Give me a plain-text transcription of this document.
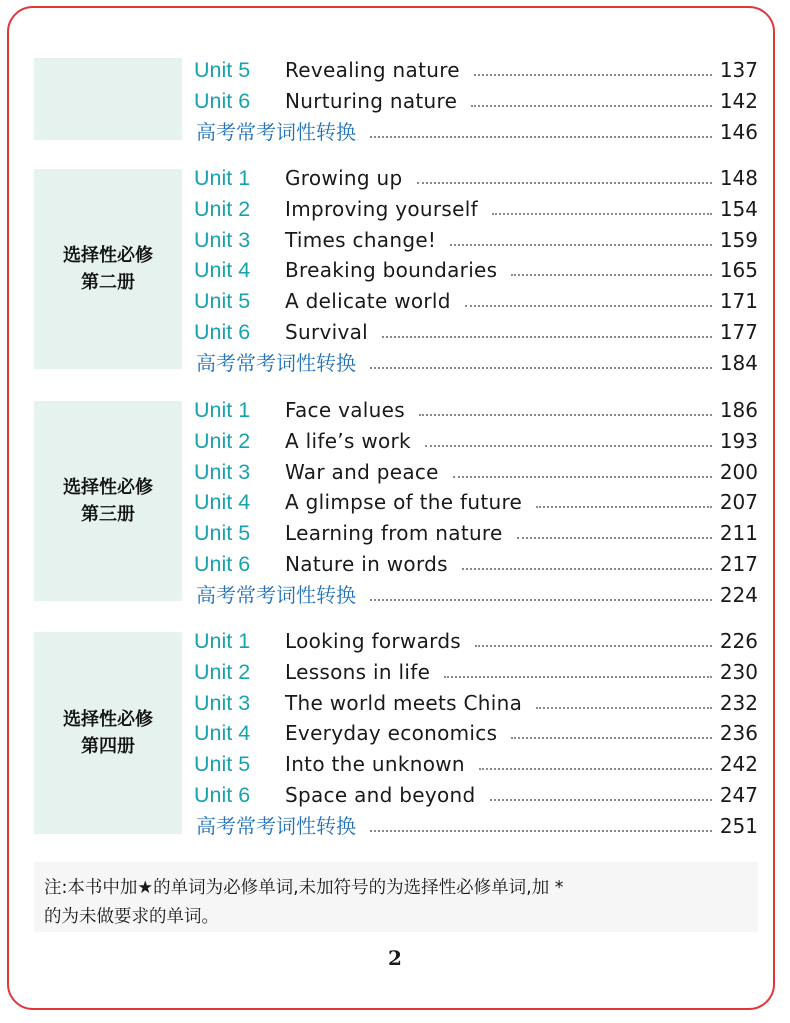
Unit 5 Revealing nature	137
Unit 6 Nurturing nature	142
高考常考词性转换	146
选择性必修
第二册
Unit 1 Growing up	148
Unit 2 Improving yourself	154
Unit 3 Times change!	159
Unit 4 Breaking boundaries	165
Unit 5 A delicate world	171
Unit 6 Survival	177
高考常考词性转换	184
选择性必修
第三册
Unit 1 Face values	186
Unit 2 A life’s work	193
Unit 3 War and peace	200
Unit 4 A glimpse of the future	207
Unit 5 Learning from nature	211
Unit 6 Nature in words	217
高考常考词性转换	224
选择性必修
第四册
Unit 1 Looking forwards	226
Unit 2 Lessons in life	230
Unit 3 The world meets China	232
Unit 4 Everyday economics	236
Unit 5 Into the unknown	242
Unit 6 Space and beyond	247
高考常考词性转换	251
注:本书中加★的单词为必修单词,未加符号的为选择性必修单词,加 *
的为未做要求的单词。
2
